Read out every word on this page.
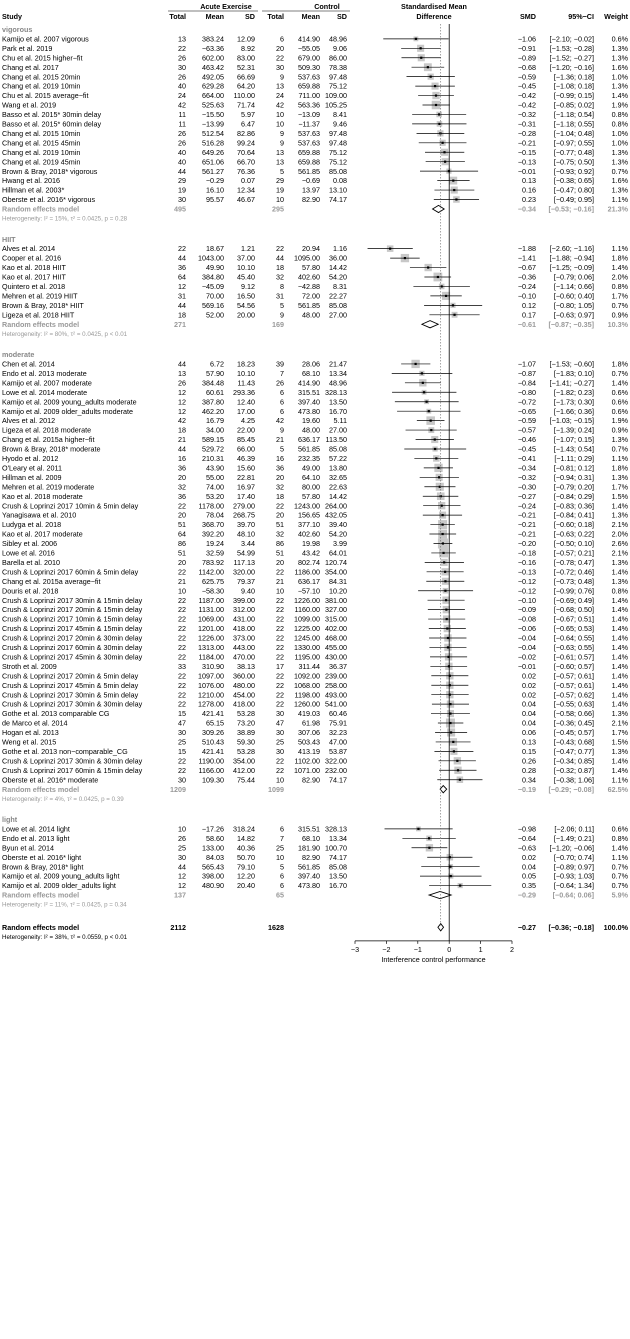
Acute Exercise	Control	Standardised Mean
Difference
Study	Total	Mean	SD Total Mean SD	SMD	95%−CI Weight
vigorous
Kamijo et al. 2007 vigorous	13 383.24 12.09	6 414.90 48.96	−1.06 [−2.10; −0.02] 0.6%
Park et al. 2019	22 −63.36 8.92	20 −55.05 9.06	−0.91 [−1.53; −0.28] 1.3%
Chu et al. 2015 higher−fit	26 602.00 83.00	22 679.00 86.00	−0.89 [−1.52; −0.27] 1.3%
Chang et al. 2017	30 463.42 52.31	30 509.30 78.38	−0.68 [−1.20; −0.16] 1.6%
Chang et al. 2015 20min	26 492.05 66.69	9 537.63 97.48	−0.59 [−1.36; 0.18] 1.0%
Chang et al. 2019 10min	40 629.28 64.20	13 659.88 75.12	−0.45 [−1.08; 0.18] 1.3%
Chu et al. 2015 average−fit	24 664.00 110.00	24 711.00 109.00	−0.42 [−0.99; 0.15] 1.4%
Wang et al. 2019	42 525.63 71.74	42 563.36 105.25	−0.42 [−0.85; 0.02] 1.9%
Basso et al. 2015* 30min delay	11 −15.50 5.97	10 −13.09 8.41	−0.32 [−1.18; 0.54] 0.8%
Basso et al. 2015* 60min delay	11 −13.99 6.47	10 −11.37 9.46	−0.31 [−1.18; 0.55] 0.8%
Chang et al. 2015 10min	26 512.54 82.86	9 537.63 97.48	−0.28 [−1.04; 0.48] 1.0%
Chang et al. 2015 45min	26 516.28 99.24	9 537.63 97.48	−0.21 [−0.97; 0.55] 1.0%
Chang et al. 2019 10min	40 649.26 70.64	13 659.88 75.12	−0.15 [−0.77; 0.48] 1.3%
Chang et al. 2019 45min	40 651.06 66.70	13 659.88 75.12	−0.13 [−0.75; 0.50] 1.3%
Brown & Bray, 2018* vigorous	44 561.27 76.36	5 561.85 85.08	−0.01 [−0.93; 0.92] 0.7%
Hwang et al. 2016	29	−0.29 0.07	29 −0.69 0.08	0.13 [−0.38; 0.65] 1.6%
Hillman et al. 2003*	19	16.10 12.34	19	13.97 13.10	0.16 [−0.47; 0.80] 1.3%
Oberste et al. 2016* vigorous	30	95.57 46.67	10	82.90 74.17	0.23 [−0.49; 0.95] 1.1%
Random effects model	495	295	−0.34 [−0.53; −0.16] 21.3%
Heterogeneity: I² = 15%, τ² = 0.0425, p = 0.28
HIIT
Alves et al. 2014	22	18.67 1.21	22	20.94 1.16	−1.88 [−2.60; −1.16] 1.1%
Cooper et al. 2016	44 1043.00 37.00	44 1095.00 36.00	−1.41 [−1.88; −0.94] 1.8%
Kao et al. 2018 HIIT	36	49.90 10.10	18	57.80 14.42	−0.67 [−1.25; −0.09] 1.4%
Kao et al. 2017 HIIT	64 384.80 45.40	32 402.60 54.20	−0.36 [−0.79; 0.06] 2.0%
Quintero et al. 2018	12 −45.09 9.12	8 −42.88 8.31	−0.24 [−1.14; 0.66] 0.8%
Mehren et al. 2019 HIIT	31	70.00 16.50	31	72.00 22.27	−0.10 [−0.60; 0.40] 1.7%
Brown & Bray, 2018* HIIT	44 569.16 54.56	5 561.85 85.08	0.12 [−0.80; 1.05] 0.7%
Ligeza et al. 2018 HIIT	18	52.00 20.00	9	48.00 27.00	0.17 [−0.63; 0.97] 0.9%
Random effects model	271	169	−0.61 [−0.87; −0.35] 10.3%
Heterogeneity: I² = 80%, τ² = 0.0425, p < 0.01
moderate
Chen et al. 2014	44	6.72 18.23	39	28.06 21.47	−1.07 [−1.53; −0.60] 1.8%
Endo et al. 2013 moderate	13	57.90 10.10	7	68.10 13.34	−0.87 [−1.83; 0.10] 0.7%
Kamijo et al. 2007 moderate	26 384.48 11.43	26 414.90 48.96	−0.84 [−1.41; −0.27] 1.4%
Lowe et al. 2014 moderate	12	60.61 293.36	6 315.51 328.13	−0.80 [−1.82; 0.23] 0.6%
Kamijo et al. 2009 young_adults moderate	12 387.80 12.40	6 397.40 13.50	−0.72 [−1.73; 0.30] 0.6%
Kamijo et al. 2009 older_adults moderate	12 462.20 17.00	6 473.80 16.70	−0.65 [−1.66; 0.36] 0.6%
Alves et al. 2012	42	16.79 4.25	42	19.60 5.11	−0.59 [−1.03; −0.15] 1.9%
Ligeza et al. 2018 moderate	18	34.00 22.00	9	48.00 27.00	−0.57 [−1.39; 0.24] 0.9%
Chang et al. 2015a higher−fit	21 589.15 85.45	21 636.17 113.50	−0.46 [−1.07; 0.15] 1.3%
Brown & Bray, 2018* moderate	44 529.72 66.00	5 561.85 85.08	−0.45 [−1.43; 0.54] 0.7%
Hyodo et al. 2012	16 210.31 46.39	16 232.35 57.22	−0.41	[−1.11; 0.29] 1.1%
O'Leary et al. 2011	36	43.90 15.60	36	49.00 13.80	−0.34 [−0.81; 0.12] 1.8%
Hillman et al. 2009	20	55.00 22.81	20	64.10 32.65	−0.32 [−0.94; 0.31] 1.3%
Mehren et al. 2019 moderate	32	74.00 16.97	32	80.00 22.63	−0.30 [−0.79; 0.20] 1.7%
Kao et al. 2018 moderate	36	53.20 17.40	18	57.80 14.42	−0.27 [−0.84; 0.29] 1.5%
Crush & Loprinzi 2017 10min & 5min delay	22 1178.00 279.00	22 1243.00 264.00	−0.24 [−0.83; 0.36] 1.4%
Yanagisawa et al. 2010	20	78.04 268.75	20 156.65 432.05	−0.21 [−0.84; 0.41] 1.3%
Ludyga et al. 2018	51 368.70 39.70	51 377.10 39.40	−0.21 [−0.60; 0.18] 2.1%
Kao et al. 2017 moderate	64 392.20 48.10	32 402.60 54.20	−0.21 [−0.63; 0.22] 2.0%
Sibley et al. 2006	86	19.24 3.44	86	19.98 3.99	−0.20 [−0.50; 0.10] 2.6%
Lowe et al. 2016	51	32.59 54.99	51	43.42 64.01	−0.18 [−0.57; 0.21] 2.1%
Barella et al. 2010	20 783.92 117.13	20 802.74 120.74	−0.16 [−0.78; 0.47] 1.3%
Crush & Loprinzi 2017 60min & 5min delay	22 1142.00 320.00	22 1186.00 354.00	−0.13 [−0.72; 0.46] 1.4%
Chang et al. 2015a average−fit	21 625.75 79.37	21 636.17 84.31	−0.12 [−0.73; 0.48] 1.3%
Douris et al. 2018	10 −58.30 9.40	10 −57.10 10.20	−0.12 [−0.99; 0.76] 0.8%
Crush & Loprinzi 2017 30min & 15min delay	22 1187.00 399.00	22 1226.00 381.00	−0.10 [−0.69; 0.49] 1.4%
Crush & Loprinzi 2017 20min & 15min delay	22 1131.00 312.00	22 1160.00 327.00	−0.09 [−0.68; 0.50] 1.4%
Crush & Loprinzi 2017 10min & 15min delay	22 1069.00 431.00	22 1099.00 315.00	−0.08 [−0.67; 0.51] 1.4%
Crush & Loprinzi 2017 45min & 15min delay	22 1201.00 418.00	22 1225.00 402.00	−0.06 [−0.65; 0.53] 1.4%
Crush & Loprinzi 2017 20min & 30min delay	22 1226.00 373.00	22 1245.00 468.00	−0.04 [−0.64; 0.55] 1.4%
Crush & Loprinzi 2017 60min & 30min delay	22 1313.00 443.00	22 1330.00 455.00	−0.04 [−0.63; 0.55] 1.4%
Crush & Loprinzi 2017 45min & 30min delay	22 1184.00 470.00	22 1195.00 430.00	−0.02 [−0.61; 0.57] 1.4%
Stroth et al. 2009	33 310.90 38.13	17 311.44 36.37	−0.01 [−0.60; 0.57] 1.4%
Crush & Loprinzi 2017 20min & 5min delay	22 1097.00 360.00	22 1092.00 239.00	0.02 [−0.57; 0.61] 1.4%
Crush & Loprinzi 2017 45min & 5min delay	22 1076.00 480.00	22 1068.00 258.00	0.02 [−0.57; 0.61] 1.4%
Crush & Loprinzi 2017 30min & 5min delay	22 1210.00 454.00	22 1198.00 493.00	0.02 [−0.57; 0.62] 1.4%
Crush & Loprinzi 2017 30min & 30min delay	22 1278.00 418.00	22 1260.00 541.00	0.04 [−0.55; 0.63] 1.4%
Gothe et al. 2013 comparable CG	15 421.41 53.28	30 419.03 60.46	0.04 [−0.58; 0.66] 1.3%
de Marco et al. 2014	47	65.15 73.20	47	61.98 75.91	0.04 [−0.36; 0.45] 2.1%
Hogan et al. 2013	30 309.26 38.89	30 307.06 32.23	0.06 [−0.45; 0.57] 1.7%
Weng et al. 2015	25 510.43 59.30	25 503.43 47.00	0.13 [−0.43; 0.68] 1.5%
Gothe et al. 2013 non−comparable_CG	15 421.41 53.28	30 413.19 53.87	0.15 [−0.47; 0.77] 1.3%
Crush & Loprinzi 2017 30min & 30min delay	22 1190.00 354.00	22 1102.00 322.00	0.26 [−0.34; 0.85] 1.4%
Crush & Loprinzi 2017 60min & 15min delay	22 1166.00 412.00	22 1071.00 232.00	0.28 [−0.32; 0.87] 1.4%
Oberste et al. 2016* moderate	30 109.30 75.44	10	82.90 74.17	0.34 [−0.38; 1.06] 1.1%
Random effects model	1209	1099	−0.19 [−0.29; −0.08] 62.5%
Heterogeneity: I² = 4%, τ² = 0.0425, p = 0.39
light
Lowe et al. 2014 light	10 −17.26 318.24	6 315.51 328.13	−0.98	[−2.06; 0.11] 0.6%
Endo et al. 2013 light	26	58.60 14.82	7	68.10 13.34	−0.64 [−1.49; 0.21] 0.8%
Byun et al. 2014	25 133.00 40.36	25 181.90 100.70	−0.63 [−1.20; −0.06] 1.4%
Oberste et al. 2016* light	30	84.03 50.70	10	82.90 74.17	0.02 [−0.70; 0.74] 1.1%
Brown & Bray, 2018* light	44 565.43 79.10	5 561.85 85.08	0.04 [−0.89; 0.97] 0.7%
Kamijo et al. 2009 young_adults light	12 398.00 12.20	6 397.40 13.50	0.05 [−0.93; 1.03] 0.7%
Kamijo et al. 2009 older_adults light	12 480.90 20.40	6 473.80 16.70	0.35 [−0.64; 1.34] 0.7%
Random effects model	137	65	−0.29 [−0.64; 0.06] 5.9%
Heterogeneity: I² = 11%, τ² = 0.0425, p = 0.34
Random effects model	2112	1628	−0.27 [−0.36; −0.18] 100.0%
Heterogeneity: I² = 38%, τ² = 0.0559, p < 0.01
−3	−2	−1	0	1	2
Interference control performance
